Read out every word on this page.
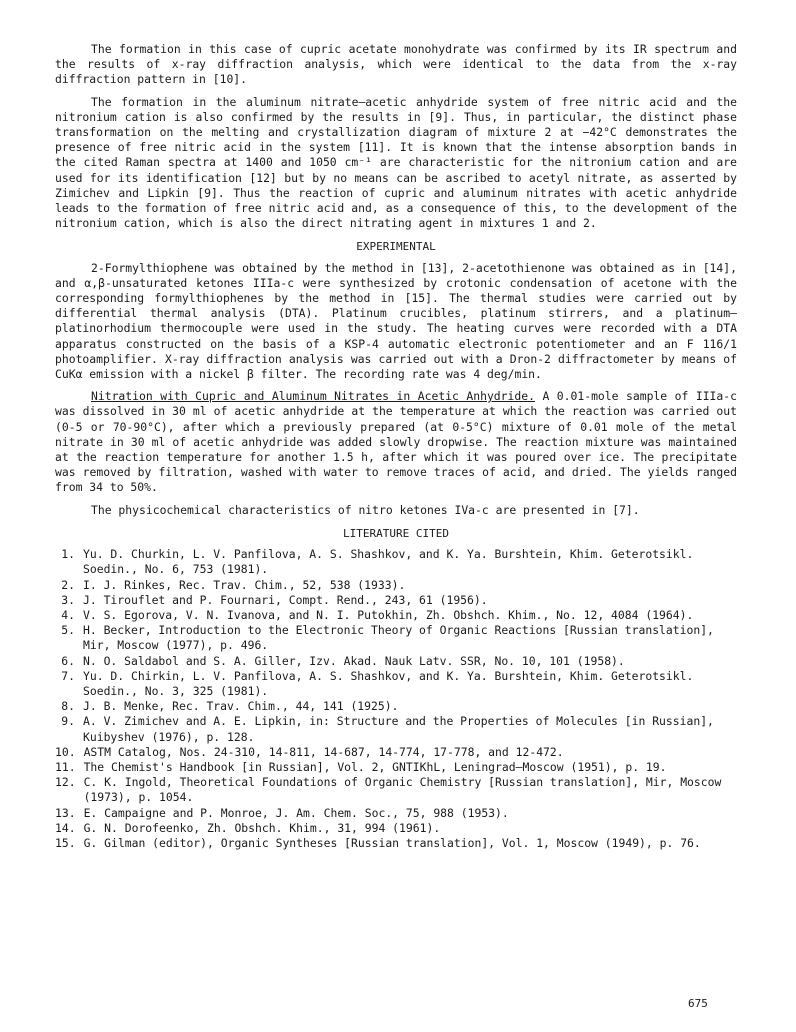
The formation in this case of cupric acetate monohydrate was confirmed by its IR spectrum and the results of x-ray diffraction analysis, which were identical to the data from the x-ray diffraction pattern in [10].

The formation in the aluminum nitrate—acetic anhydride system of free nitric acid and the nitronium cation is also confirmed by the results in [9]. Thus, in particular, the distinct phase transformation on the melting and crystallization diagram of mixture 2 at −42°C demonstrates the presence of free nitric acid in the system [11]. It is known that the intense absorption bands in the cited Raman spectra at 1400 and 1050 cm⁻¹ are characteristic for the nitronium cation and are used for its identification [12] but by no means can be ascribed to acetyl nitrate, as asserted by Zimichev and Lipkin [9]. Thus the reaction of cupric and aluminum nitrates with acetic anhydride leads to the formation of free nitric acid and, as a consequence of this, to the development of the nitronium cation, which is also the direct nitrating agent in mixtures 1 and 2.

EXPERIMENTAL

2-Formylthiophene was obtained by the method in [13], 2-acetothienone was obtained as in [14], and α,β-unsaturated ketones IIIa-c were synthesized by crotonic condensation of acetone with the corresponding formylthiophenes by the method in [15]. The thermal studies were carried out by differential thermal analysis (DTA). Platinum crucibles, platinum stirrers, and a platinum—platinorhodium thermocouple were used in the study. The heating curves were recorded with a DTA apparatus constructed on the basis of a KSP-4 automatic electronic potentiometer and an F 116/1 photoamplifier. X-ray diffraction analysis was carried out with a Dron-2 diffractometer by means of CuKα emission with a nickel β filter. The recording rate was 4 deg/min.

Nitration with Cupric and Aluminum Nitrates in Acetic Anhydride. A 0.01-mole sample of IIIa-c was dissolved in 30 ml of acetic anhydride at the temperature at which the reaction was carried out (0-5 or 70-90°C), after which a previously prepared (at 0-5°C) mixture of 0.01 mole of the metal nitrate in 30 ml of acetic anhydride was added slowly dropwise. The reaction mixture was maintained at the reaction temperature for another 1.5 h, after which it was poured over ice. The precipitate was removed by filtration, washed with water to remove traces of acid, and dried. The yields ranged from 34 to 50%.

The physicochemical characteristics of nitro ketones IVa-c are presented in [7].

LITERATURE CITED
1. Yu. D. Churkin, L. V. Panfilova, A. S. Shashkov, and K. Ya. Burshtein, Khim. Geterotsikl. Soedin., No. 6, 753 (1981).
2. I. J. Rinkes, Rec. Trav. Chim., 52, 538 (1933).
3. J. Tirouflet and P. Fournari, Compt. Rend., 243, 61 (1956).
4. V. S. Egorova, V. N. Ivanova, and N. I. Putokhin, Zh. Obshch. Khim., No. 12, 4084 (1964).
5. H. Becker, Introduction to the Electronic Theory of Organic Reactions [Russian translation], Mir, Moscow (1977), p. 496.
6. N. O. Saldabol and S. A. Giller, Izv. Akad. Nauk Latv. SSR, No. 10, 101 (1958).
7. Yu. D. Chirkin, L. V. Panfilova, A. S. Shashkov, and K. Ya. Burshtein, Khim. Geterotsikl. Soedin., No. 3, 325 (1981).
8. J. B. Menke, Rec. Trav. Chim., 44, 141 (1925).
9. A. V. Zimichev and A. E. Lipkin, in: Structure and the Properties of Molecules [in Russian], Kuibyshev (1976), p. 128.
10. ASTM Catalog, Nos. 24-310, 14-811, 14-687, 14-774, 17-778, and 12-472.
11. The Chemist's Handbook [in Russian], Vol. 2, GNTIKhL, Leningrad—Moscow (1951), p. 19.
12. C. K. Ingold, Theoretical Foundations of Organic Chemistry [Russian translation], Mir, Moscow (1973), p. 1054.
13. E. Campaigne and P. Monroe, J. Am. Chem. Soc., 75, 988 (1953).
14. G. N. Dorofeenko, Zh. Obshch. Khim., 31, 994 (1961).
15. G. Gilman (editor), Organic Syntheses [Russian translation], Vol. 1, Moscow (1949), p. 76.
675
